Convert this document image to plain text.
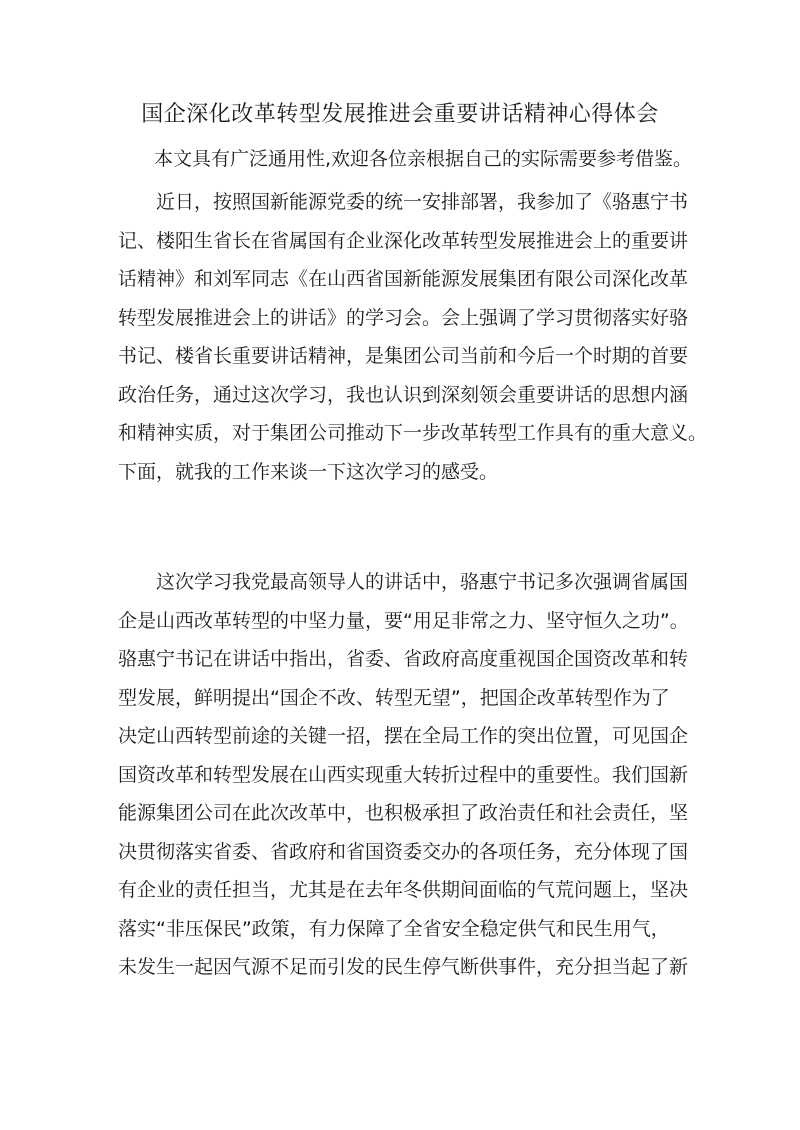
国企深化改革转型发展推进会重要讲话精神心得体会

本文具有广泛通用性,欢迎各位亲根据自己的实际需要参考借鉴。

　　近日，按照国新能源党委的统一安排部署，我参加了《骆惠宁书
记、楼阳生省长在省属国有企业深化改革转型发展推进会上的重要讲
话精神》和刘军同志《在山西省国新能源发展集团有限公司深化改革
转型发展推进会上的讲话》的学习会。会上强调了学习贯彻落实好骆
书记、楼省长重要讲话精神，是集团公司当前和今后一个时期的首要
政治任务，通过这次学习，我也认识到深刻领会重要讲话的思想内涵
和精神实质，对于集团公司推动下一步改革转型工作具有的重大意义。
下面，就我的工作来谈一下这次学习的感受。
　　这次学习我党最高领导人的讲话中，骆惠宁书记多次强调省属国
企是山西改革转型的中坚力量，要“用足非常之力、坚守恒久之功”。
骆惠宁书记在讲话中指出，省委、省政府高度重视国企国资改革和转
型发展，鲜明提出“国企不改、转型无望”，把国企改革转型作为了
决定山西转型前途的关键一招，摆在全局工作的突出位置，可见国企
国资改革和转型发展在山西实现重大转折过程中的重要性。我们国新
能源集团公司在此次改革中，也积极承担了政治责任和社会责任，坚
决贯彻落实省委、省政府和省国资委交办的各项任务，充分体现了国
有企业的责任担当，尤其是在去年冬供期间面临的气荒问题上，坚决
落实“非压保民”政策，有力保障了全省安全稳定供气和民生用气，
未发生一起因气源不足而引发的民生停气断供事件，充分担当起了新
